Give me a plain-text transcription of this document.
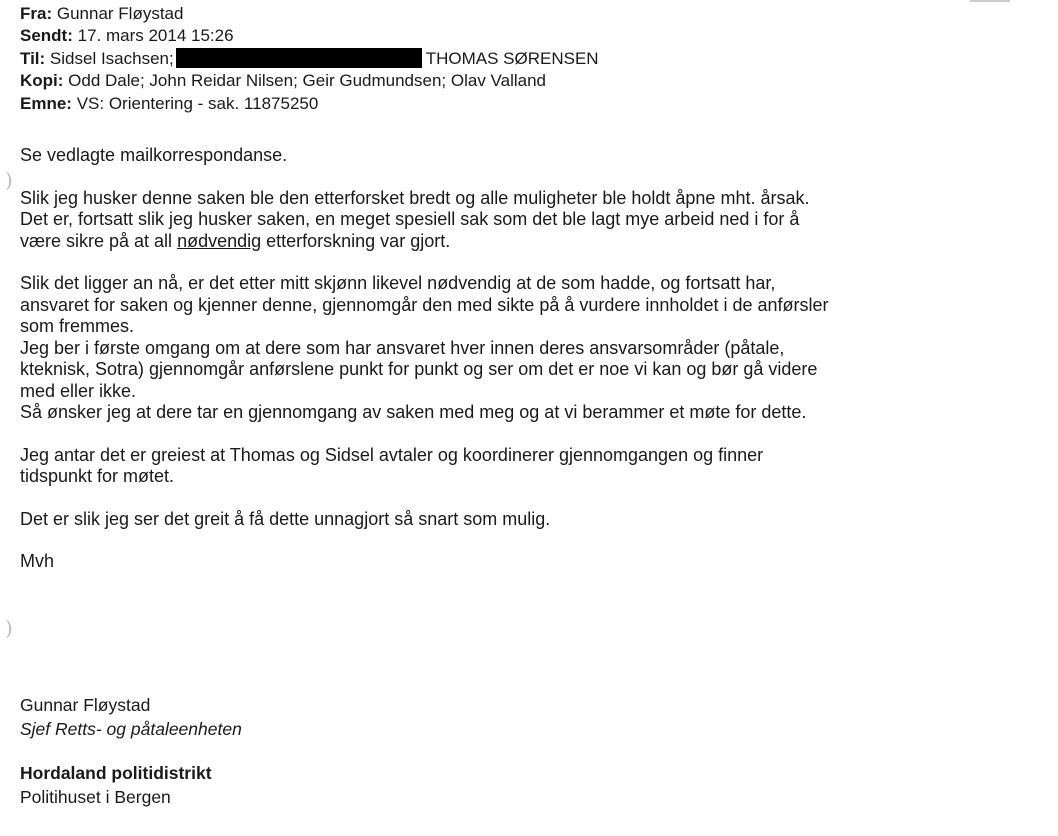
Fra: Gunnar Fløystad
Sendt: 17. mars 2014 15:26
Til: Sidsel Isachsen;	THOMAS SØRENSEN
Kopi: Odd Dale; John Reidar Nilsen; Geir Gudmundsen; Olav Valland
Emne: VS: Orientering - sak. 11875250
)
)
Se vedlagte mailkorrespondanse.
Slik jeg husker denne saken ble den etterforsket bredt og alle muligheter ble holdt åpne mht. årsak.
Det er, fortsatt slik jeg husker saken, en meget spesiell sak som det ble lagt mye arbeid ned i for å
være sikre på at all nødvendig etterforskning var gjort.
Slik det ligger an nå, er det etter mitt skjønn likevel nødvendig at de som hadde, og fortsatt har,
ansvaret for saken og kjenner denne, gjennomgår den med sikte på å vurdere innholdet i de anførsler
som fremmes.
Jeg ber i første omgang om at dere som har ansvaret hver innen deres ansvarsområder (påtale,
kteknisk, Sotra) gjennomgår anførslene punkt for punkt og ser om det er noe vi kan og bør gå videre
med eller ikke.
Så ønsker jeg at dere tar en gjennomgang av saken med meg og at vi berammer et møte for dette.
Jeg antar det er greiest at Thomas og Sidsel avtaler og koordinerer gjennomgangen og finner
tidspunkt for møtet.
Det er slik jeg ser det greit å få dette unnagjort så snart som mulig.
Mvh
Gunnar Fløystad
Sjef Retts- og påtaleenheten
Hordaland politidistrikt
Politihuset i Bergen
